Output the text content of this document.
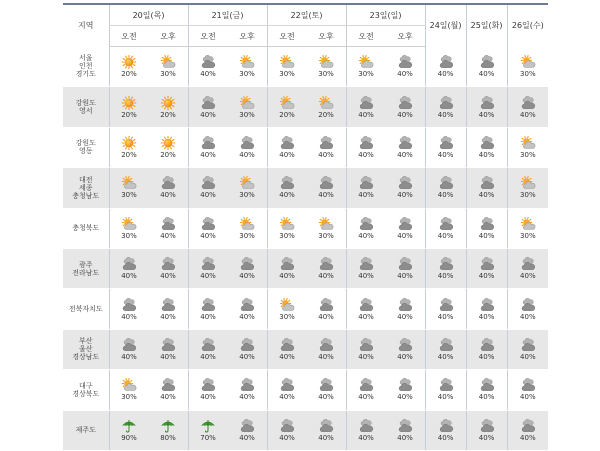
지역	20일(목)		21일(금)		22일(토)		23일(일)		24일(월)	25일(화)	26일(수)
	오전	오후	오전	오후	오전	오후	오전	오후			

서울
인천
경기도	20%	30%	40%	30%	30%	30%	30%	40%	40%	40%	30%

강원도
영서	20%	20%	40%	30%	20%	20%	40%	40%	40%	40%	40%

강원도
영동	20%	20%	40%	40%	40%	40%	40%	40%	40%	40%	30%

대전
세종
충청남도	30%	40%	40%	30%	40%	40%	40%	40%	40%	40%	30%

충청북도	30%	40%	40%	30%	30%	30%	40%	40%	40%	40%	30%

광주
전라남도	40%	40%	40%	40%	40%	40%	40%	40%	40%	40%	40%

전북자치도	40%	40%	40%	40%	30%	40%	40%	40%	40%	40%	40%

부산
울산
경상남도	40%	40%	40%	40%	40%	40%	40%	40%	40%	40%	40%

대구
경상북도	30%	40%	40%	40%	40%	40%	40%	40%	40%	40%	40%

제주도	90%	80%	70%	40%	40%	40%	40%	40%	40%	40%	40%
